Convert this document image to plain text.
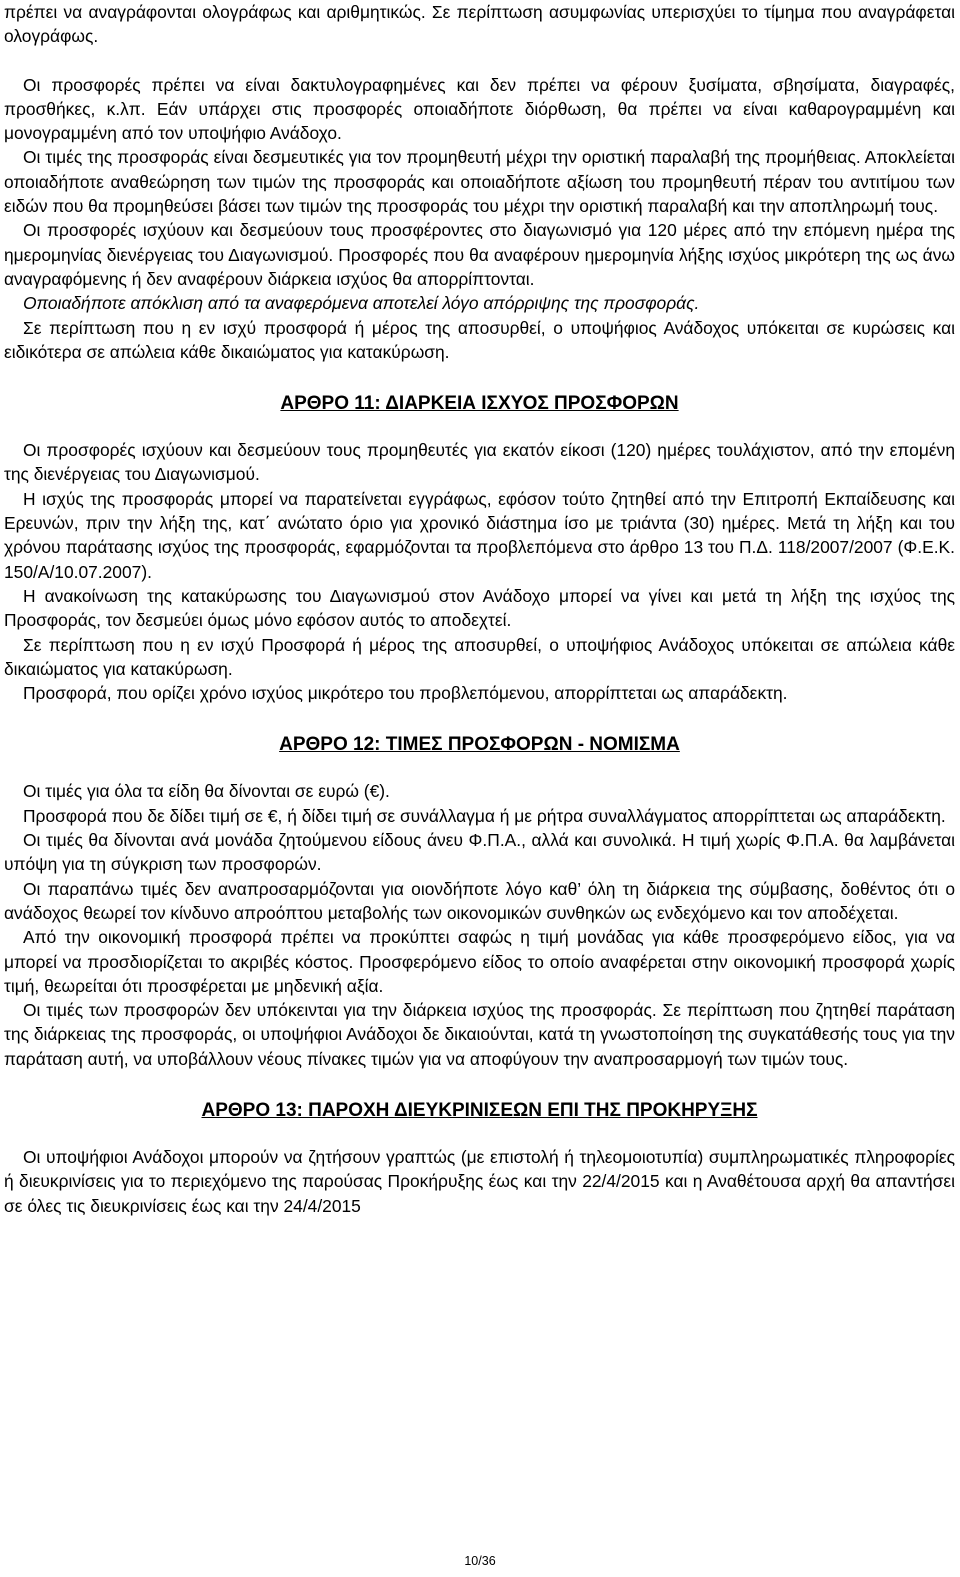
πρέπει να αναγράφονται ολογράφως και αριθμητικώς. Σε περίπτωση ασυμφωνίας υπερισχύει το τίμημα που αναγράφεται ολογράφως.

Οι προσφορές πρέπει να είναι δακτυλογραφημένες και δεν πρέπει να φέρουν ξυσίματα, σβησίματα, διαγραφές, προσθήκες, κ.λπ. Εάν υπάρχει στις προσφορές οποιαδήποτε διόρθωση, θα πρέπει να είναι καθαρογραμμένη και μονογραμμένη από τον υποψήφιο Ανάδοχο.

Οι τιμές της προσφοράς είναι δεσμευτικές για τον προμηθευτή μέχρι την οριστική παραλαβή της προμήθειας. Αποκλείεται οποιαδήποτε αναθεώρηση των τιμών της προσφοράς και οποιαδήποτε αξίωση του προμηθευτή πέραν του αντιτίμου των ειδών που θα προμηθεύσει βάσει των τιμών της προσφοράς του μέχρι την οριστική παραλαβή και την αποπληρωμή τους.

Οι προσφορές ισχύουν και δεσμεύουν τους προσφέροντες στο διαγωνισμό για 120 μέρες από την επόμενη ημέρα της ημερομηνίας διενέργειας του Διαγωνισμού. Προσφορές που θα αναφέρουν ημερομηνία λήξης ισχύος μικρότερη της ως άνω αναγραφόμενης ή δεν αναφέρουν διάρκεια ισχύος θα απορρίπτονται.

Οποιαδήποτε απόκλιση από τα αναφερόμενα αποτελεί λόγο απόρριψης της προσφοράς.

Σε περίπτωση που η εν ισχύ προσφορά ή μέρος της αποσυρθεί, ο υποψήφιος Ανάδοχος υπόκειται σε κυρώσεις και ειδικότερα σε απώλεια κάθε δικαιώματος για κατακύρωση.

ΑΡΘΡΟ 11: ΔΙΑΡΚΕΙΑ ΙΣΧΥΟΣ ΠΡΟΣΦΟΡΩΝ

Οι προσφορές ισχύουν και δεσμεύουν τους προμηθευτές για εκατόν είκοσι (120) ημέρες τουλάχιστον, από την επομένη της διενέργειας του Διαγωνισμού.

Η ισχύς της προσφοράς μπορεί να παρατείνεται εγγράφως, εφόσον τούτο ζητηθεί από την Επιτροπή Εκπαίδευσης και Ερευνών, πριν την λήξη της, κατ΄ ανώτατο όριο για χρονικό διάστημα ίσο με τριάντα (30) ημέρες. Μετά τη λήξη και του χρόνου παράτασης ισχύος της προσφοράς, εφαρμόζονται τα προβλεπόμενα στο άρθρο 13 του Π.Δ. 118/2007/2007 (Φ.Ε.Κ. 150/Α/10.07.2007).

Η ανακοίνωση της κατακύρωσης του Διαγωνισμού στον Ανάδοχο μπορεί να γίνει και μετά τη λήξη της ισχύος της Προσφοράς, τον δεσμεύει όμως μόνο εφόσον αυτός το αποδεχτεί.

Σε περίπτωση που η εν ισχύ Προσφορά ή μέρος της αποσυρθεί, ο υποψήφιος Ανάδοχος υπόκειται σε απώλεια κάθε δικαιώματος για κατακύρωση.

Προσφορά, που ορίζει χρόνο ισχύος μικρότερο του προβλεπόμενου, απορρίπτεται ως απαράδεκτη.

ΑΡΘΡΟ 12: ΤΙΜΕΣ ΠΡΟΣΦΟΡΩΝ - ΝΟΜΙΣΜΑ

Οι τιμές για όλα τα είδη θα δίνονται σε ευρώ (€).

Προσφορά που δε δίδει τιμή σε €, ή δίδει τιμή σε συνάλλαγμα ή με ρήτρα συναλλάγματος απορρίπτεται ως απαράδεκτη.

Οι τιμές θα δίνονται ανά μονάδα ζητούμενου είδους άνευ Φ.Π.Α., αλλά και συνολικά. Η τιμή χωρίς Φ.Π.Α. θα λαμβάνεται υπόψη για τη σύγκριση των προσφορών.

Οι παραπάνω τιμές δεν αναπροσαρμόζονται για οιονδήποτε λόγο καθ’ όλη τη διάρκεια της σύμβασης, δοθέντος ότι ο ανάδοχος θεωρεί τον κίνδυνο απροόπτου μεταβολής των οικονομικών συνθηκών ως ενδεχόμενο και τον αποδέχεται.

Από την οικονομική προσφορά πρέπει να προκύπτει σαφώς η τιμή μονάδας για κάθε προσφερόμενο είδος, για να μπορεί να προσδιορίζεται το ακριβές κόστος. Προσφερόμενο είδος το οποίο αναφέρεται στην οικονομική προσφορά χωρίς τιμή, θεωρείται ότι προσφέρεται με μηδενική αξία.

Οι τιμές των προσφορών δεν υπόκεινται για την διάρκεια ισχύος της προσφοράς. Σε περίπτωση που ζητηθεί παράταση της διάρκειας της προσφοράς, οι υποψήφιοι Ανάδοχοι δε δικαιούνται, κατά τη γνωστοποίηση της συγκατάθεσής τους για την παράταση αυτή, να υποβάλλουν νέους πίνακες τιμών για να αποφύγουν την αναπροσαρμογή των τιμών τους.

ΑΡΘΡΟ 13: ΠΑΡΟΧΗ ΔΙΕΥΚΡΙΝΙΣΕΩΝ ΕΠΙ ΤΗΣ ΠΡΟΚΗΡΥΞΗΣ

Οι υποψήφιοι Ανάδοχοι μπορούν να ζητήσουν γραπτώς (με επιστολή ή τηλεομοιοτυπία) συμπληρωματικές πληροφορίες ή διευκρινίσεις για το περιεχόμενο της παρούσας Προκήρυξης έως και την 22/4/2015 και η Αναθέτουσα αρχή θα απαντήσει σε όλες τις διευκρινίσεις έως και την 24/4/2015

10/36
